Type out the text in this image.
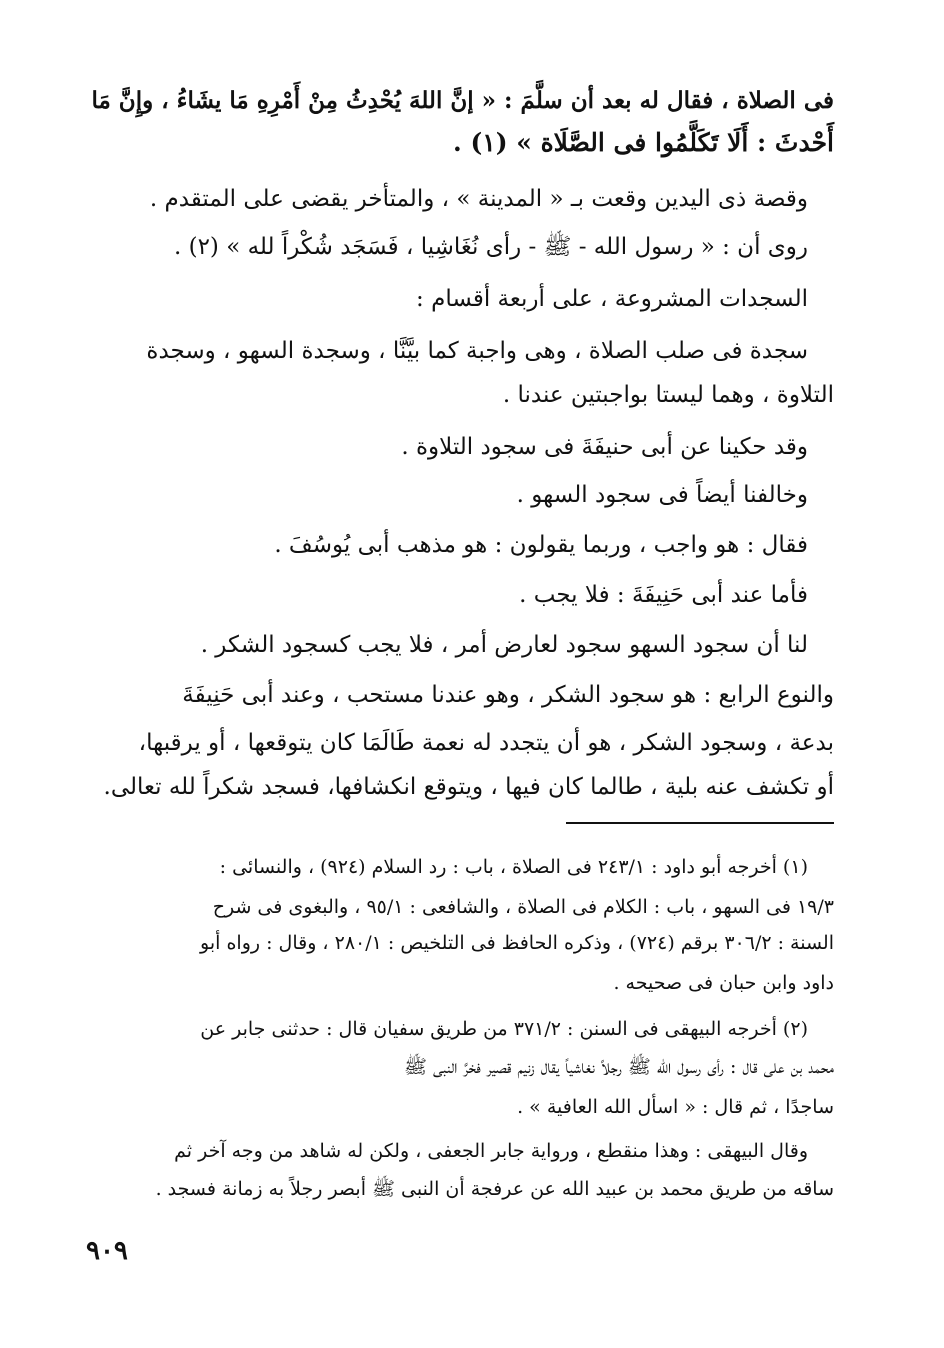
فى الصلاة ، فقال له بعد أن سلَّمَ : « إنَّ اللهَ يُحْدِثُ مِنْ أَمْرِهِ مَا يشَاءُ ، وإِنَّ مَا
أَحْدثَ : أَلَا تَكَلَّمُوا فى الصَّلَاة » (١) .
وقصة ذى اليدين وقعت بـ « المدينة » ، والمتأخر يقضى على المتقدم .
روى أن : « رسول الله - ﷺ - رأى نُغَاشِيا ، فَسَجَد شُكْراً لله » (٢) .
السجدات المشروعة ، على أربعة أقسام :
سجدة فى صلب الصلاة ، وهى واجبة كما بيَّنَّا ، وسجدة السهو ، وسجدة
التلاوة ، وهما ليستا بواجبتين عندنا .
وقد حكينا عن أبى حنيفَةَ فى سجود التلاوة .
وخالفنا أيضاً فى سجود السهو .
فقال : هو واجب ، وربما يقولون : هو مذهب أبى يُوسُفَ .
فأما عند أبى حَنِيفَةَ : فلا يجب .
لنا أن سجود السهو سجود لعارض أمر ، فلا يجب كسجود الشكر .
والنوع الرابع : هو سجود الشكر ، وهو عندنا مستحب ، وعند أبى حَنِيفَةَ
بدعة ، وسجود الشكر ، هو أن يتجدد له نعمة طَالَمَا كان يتوقعها ، أو يرقبها،
أو تكشف عنه بلية ، طالما كان فيها ، ويتوقع انكشافها، فسجد شكراً لله تعالى.
(١) أخرجه أبو داود : ٢٤٣/١ فى الصلاة ، باب : رد السلام (٩٢٤) ، والنسائى :
١٩/٣ فى السهو ، باب : الكلام فى الصلاة ، والشافعى : ٩٥/١ ، والبغوى فى شرح
السنة : ٣٠٦/٢ برقم (٧٢٤) ، وذكره الحافظ فى التلخيص : ٢٨٠/١ ، وقال : رواه أبو
داود وابن حبان فى صحيحه .
(٢) أخرجه البيهقى فى السنن : ٣٧١/٢ من طريق سفيان قال : حدثنى جابر عن
محمد بن على قال : رأى رسول الله ﷺ رجلاً نغاشياً يقال زنيم قصير فخرَّ النبى ﷺ
ساجدًا ، ثم قال : « اسأل الله العافية » .
وقال البيهقى : وهذا منقطع ، ورواية جابر الجعفى ، ولكن له شاهد من وجه آخر ثم
ساقه من طريق محمد بن عبيد الله عن عرفجة أن النبى ﷺ أبصر رجلاً به زمانة فسجد .
٩٠٩
